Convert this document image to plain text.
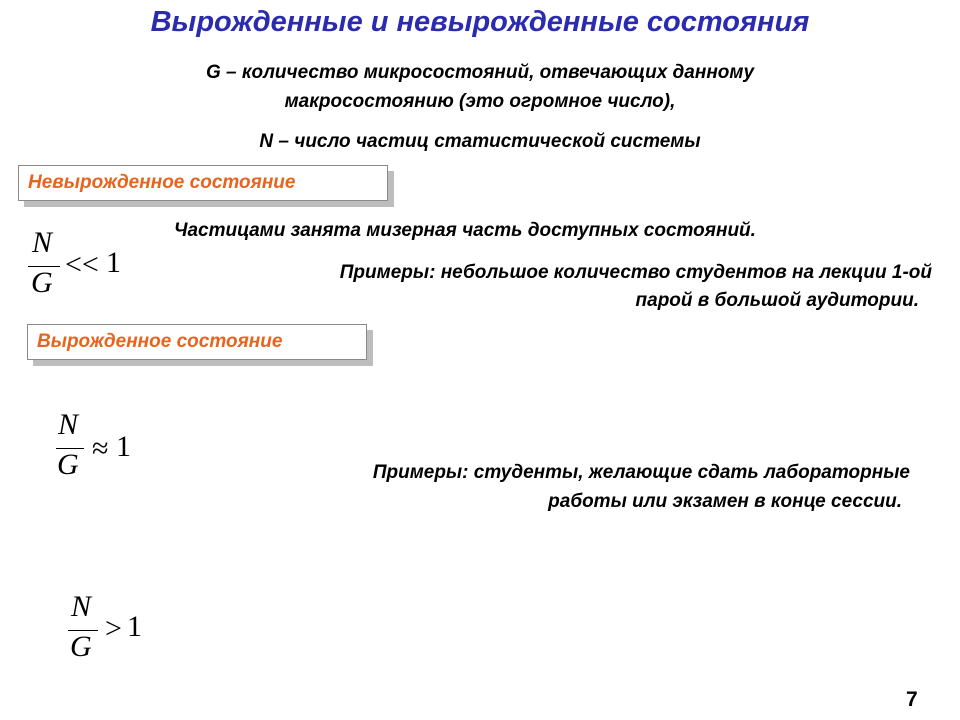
Вырожденные и невырожденные состояния
G – количество микросостояний, отвечающих данному
макросостоянию (это огромное число),
N – число частиц статистической системы
Невырожденное состояние
Частицами занята мизерная часть доступных состояний.
Примеры: небольшое количество студентов на лекции 1-ой
парой в большой аудитории.
N
G
<< 1
Вырожденное состояние
N
G ≈ 1
Примеры: студенты, желающие сдать лабораторные
работы или экзамен в конце сессии.
N
G
> 1
7
